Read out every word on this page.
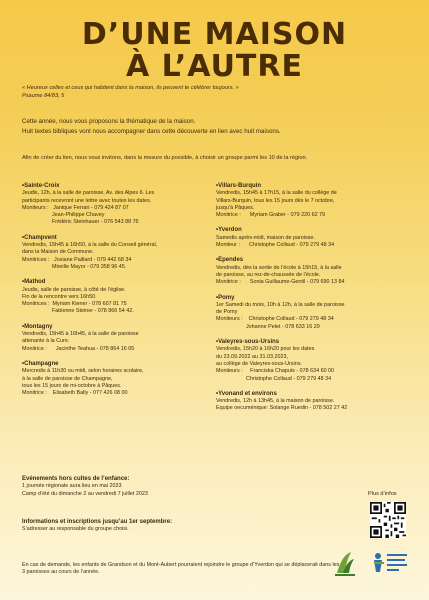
D’UNE MAISON
À L’AUTRE
« Heureux celles et ceux qui habitent dans ta maison, ils peuvent te célébrer toujours. »
Psaume 84/83, 5
Cette année, nous vous proposons la thématique de la maison.
Huit textes bibliques vont nous accompagner dans cette découverte en lien avec huit maisons.
Afin de créer du lien, nous vous invitons, dans la mesure du possible, à choisir un groupe parmi les 10 de la région.
• Sainte-Croix
Jeudis, 12h, à la salle de paroisse, Av. des Alpes 6. Les
participants recevront une lettre avec toutes les dates.
Moniteurs :   Janique Ferrari - 079 424 87 07
Jean-Philippe Chavey
Frédéric Steinhauer - 076 543 88 76
• Champvent
Vendredis, 15h45 à 16h50, à la salle du Conseil général,
dans la Maison de Commune.
Monitrices :   Josiane Paillard - 079 442 68 34
Mireille Mayor - 079 358 96 45.
• Mathod
Jeudis, salle de paroisse, à côté de l’église.
Fin de la rencontre vers 16h50.
Monitrices :  Myriam Kiener - 078 607 81 75
Fabienne Steiner - 078 866 54 42.
• Montagny
Vendredis, 15h45 à 16h45, à la salle de paroisse
attenante à la Cure.
Monitrice :      Jacinthe Teahua - 078 864 16 05
• Champagne
Mercredis à 11h30 ou midi, selon horaires scolaire,
à la salle de paroisse de Champagne,
tous les 15 jours de mi-octobre à Pâques.
Monitrice :    Elisabeth Bally - 077 426 08 00
• Villars-Burquin
Vendredis, 15h45 à 17h15, à la salle du collège de
Villars-Burquin, tous les 15 jours dès le 7 octobre,
jusqu’à Pâques.
Monitrice :      Myriam Graber - 079 220 62 79
• Yverdon
Samedis après-midi, maison de paroisse.
Moniteur :      Christophe Collaud - 079 279 48 34
• Ependes
Vendredis, dès la sortie de l’école à 15h15, à la salle
de paroisse, au rez-de-chaussée de l’école.
Monitrice :      Sonia Guillaume-Gentil - 079 690 13 84
• Pomy
1er Samedi du mois, 10h à 12h, à la salle de paroisse
de Pomy
Moniteurs :    Christophe Collaud - 079 279 48 34
Johanne Pelet - 078 633 16 29
• Valeyres-sous-Ursins
Vendredis, 15h20 à 16h20 pour les dates
du 23.09.2022 au 31.03.2023,
au collège de Valeyres-sous-Ursins.
Moniteurs :     Franciska Chapuis - 078 634 60 00
Christophe Collaud - 079 279 48 34
• Yvonand et environs
Vendredis, 12h à 13h45, à la maison de paroisse.
Equipe oecuménique: Solange Ruedin - 078 502 27 42
Evénements hors cultes de l’enfance:
1 journée régionale aura lieu en mai 2023
Camp d’été du dimanche 2 au vendredi 7 juillet 2023
Informations et inscriptions jusqu’au 1er septembre:
S’adresser au responsable du groupe choisi.
En cas de demande, les enfants de Grandson et du Mont-Aubert pourraient rejoindre le groupe d’Yverdon qui se déplacerait dans les 3 paroisses au cours de l’année.
Plus d’infos
